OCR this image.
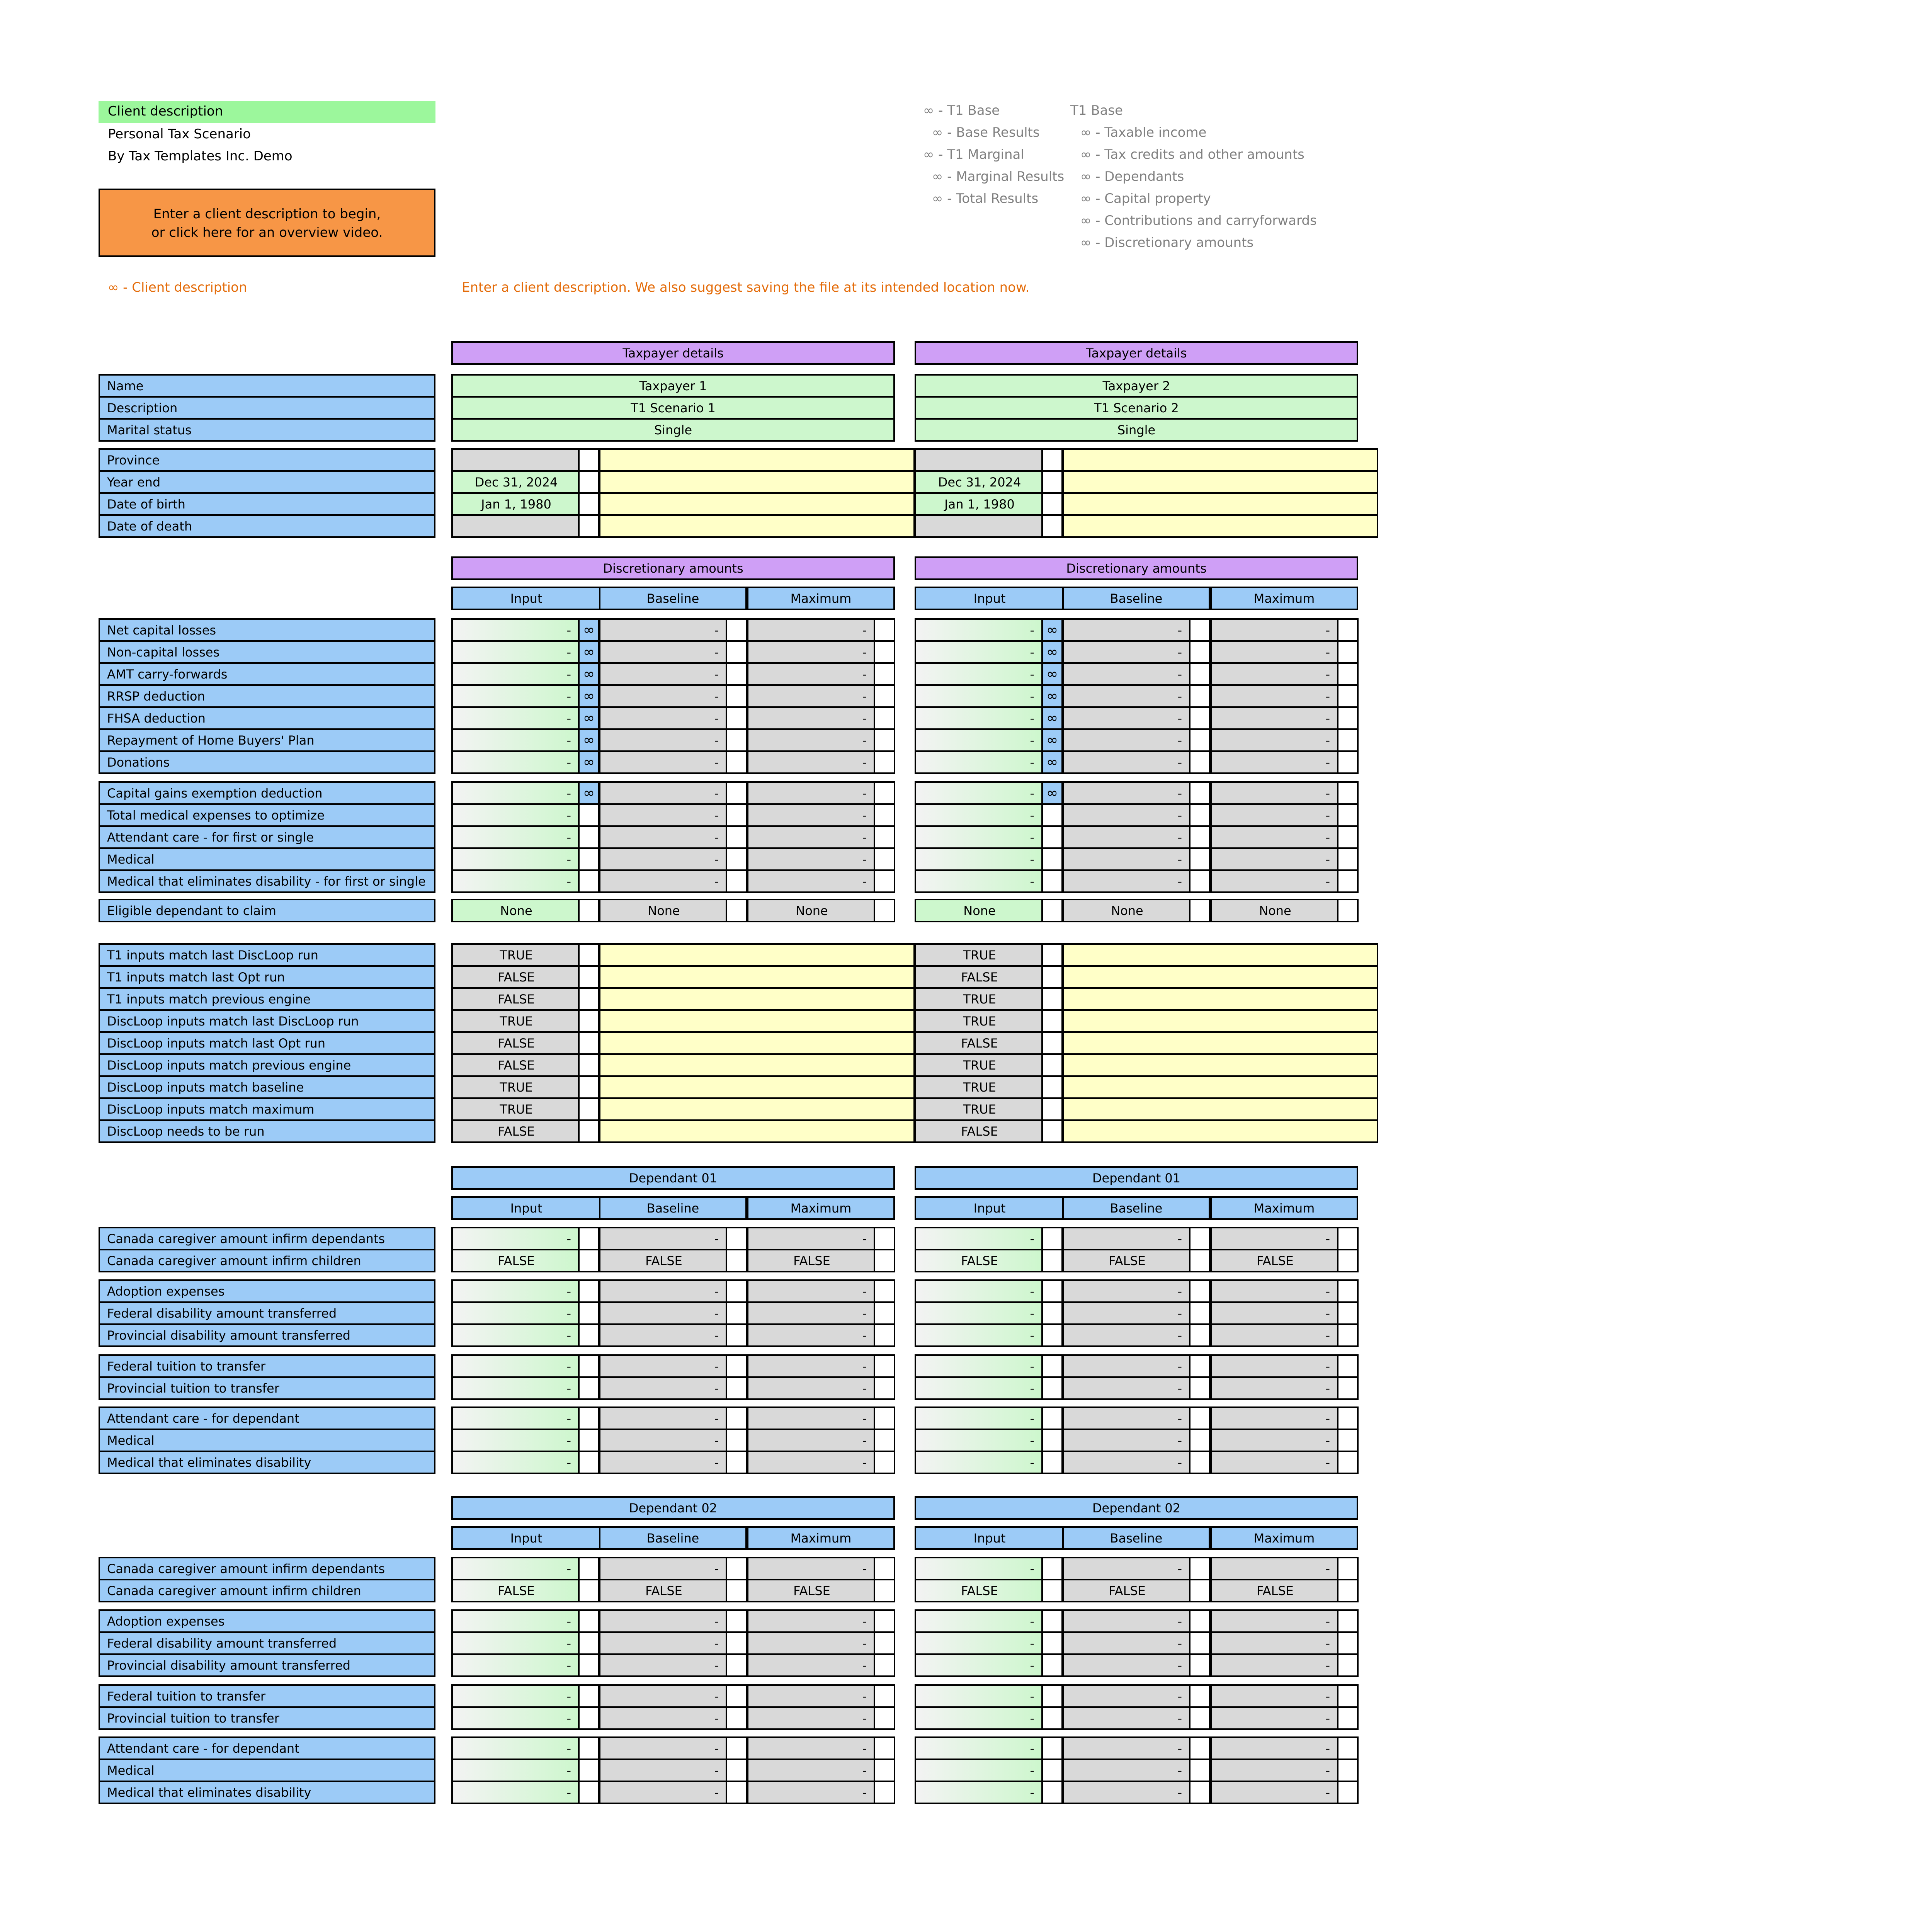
Client description
Personal Tax Scenario
By Tax Templates Inc. Demo
Enter a client description to begin,
or click here for an overview video.
∞ - Client description	Enter a client description. We also suggest saving the file at its intended location now.
∞ - T1 Base
∞ - Base Results
∞ - T1 Marginal
∞ - Marginal Results
∞ - Total Results
T1 Base
∞ - Taxable income
∞ - Tax credits and other amounts
∞ - Dependants
∞ - Capital property
∞ - Contributions and carryforwards
∞ - Discretionary amounts
Taxpayer details	Taxpayer details
Name	Taxpayer 1	Taxpayer 2
Description	T1 Scenario 1	T1 Scenario 2
Marital status	Single	Single
Province
Year end	Dec 31, 2024	Dec 31, 2024
Date of birth	Jan 1, 1980	Jan 1, 1980
Date of death
Discretionary amounts
Input	Baseline	Maximum
Discretionary amounts
Input	Baseline	Maximum
Net capital losses	- ∞	-	-	- ∞	-	-
Non-capital losses	- ∞	-	-	- ∞	-	-
AMT carry-forwards	- ∞	-	-	- ∞	-	-
RRSP deduction	- ∞	-	-	- ∞	-	-
FHSA deduction	- ∞	-	-	- ∞	-	-
Repayment of Home Buyers' Plan	- ∞	-	-	- ∞	-	-
Donations	- ∞	-	-	- ∞	-	-
Capital gains exemption deduction	- ∞	-	-	- ∞	-	-
Total medical expenses to optimize	-	-	-	-	-	-
Attendant care - for first or single	-	-	-	-	-	-
Medical	-	-	-	-	-	-
Medical that eliminates disability - for first or single	-	-	-	-	-	-
Eligible dependant to claim	None	None	None	None	None	None
T1 inputs match last DiscLoop run	TRUE	TRUE
T1 inputs match last Opt run	FALSE	FALSE
T1 inputs match previous engine	FALSE	TRUE
DiscLoop inputs match last DiscLoop run	TRUE	TRUE
DiscLoop inputs match last Opt run	FALSE	FALSE
DiscLoop inputs match previous engine	FALSE	TRUE
DiscLoop inputs match baseline	TRUE	TRUE
DiscLoop inputs match maximum	TRUE	TRUE
DiscLoop needs to be run	FALSE	FALSE
Dependant 01
Input	Baseline	Maximum
Dependant 01
Input	Baseline	Maximum
Canada caregiver amount infirm dependants	-	-	-	-	-	-
Canada caregiver amount infirm children	FALSE	FALSE	FALSE	FALSE	FALSE	FALSE
Adoption expenses	-	-	-	-	-	-
Federal disability amount transferred	-	-	-	-	-	-
Provincial disability amount transferred	-	-	-	-	-	-
Federal tuition to transfer	-	-	-	-	-	-
Provincial tuition to transfer	-	-	-	-	-	-
Attendant care - for dependant	-	-	-	-	-	-
Medical	-	-	-	-	-	-
Medical that eliminates disability	-	-	-	-	-	-
Dependant 02
Input	Baseline	Maximum
Dependant 02
Input	Baseline	Maximum
Canada caregiver amount infirm dependants	-	-	-	-	-	-
Canada caregiver amount infirm children	FALSE	FALSE	FALSE	FALSE	FALSE	FALSE
Adoption expenses	-	-	-	-	-	-
Federal disability amount transferred	-	-	-	-	-	-
Provincial disability amount transferred	-	-	-	-	-	-
Federal tuition to transfer	-	-	-	-	-	-
Provincial tuition to transfer	-	-	-	-	-	-
Attendant care - for dependant	-	-	-	-	-	-
Medical	-	-	-	-	-	-
Medical that eliminates disability	-	-	-	-	-	-
